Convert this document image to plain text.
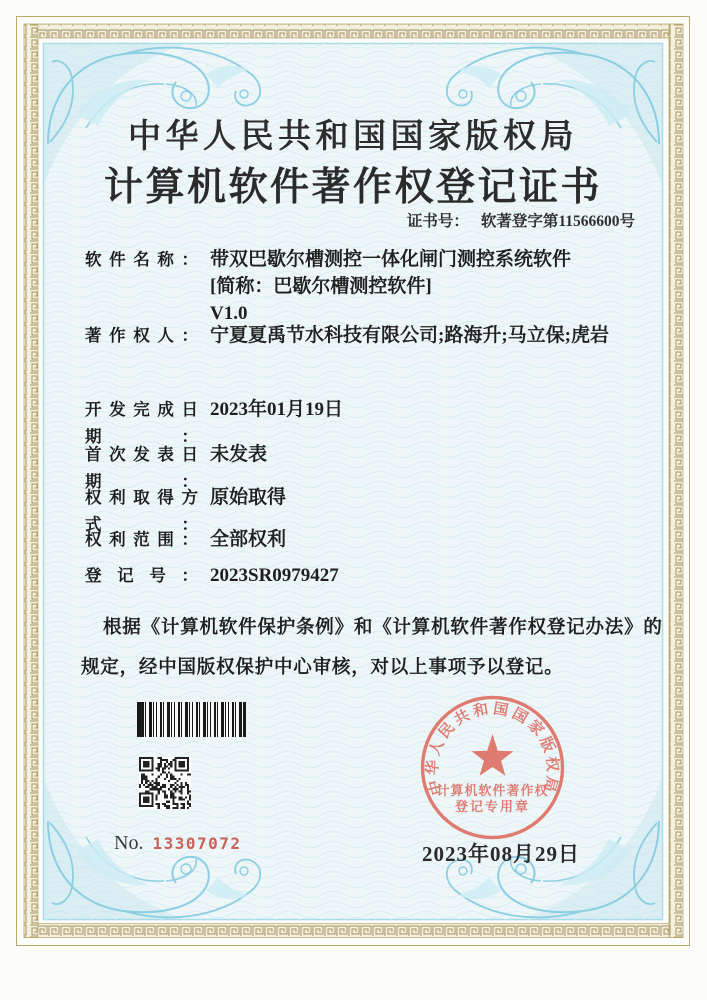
中华人民共和国国家版权局
计算机软件著作权登记证书
证书号： 软著登字第11566600号
软件名称： 带双巴歇尔槽测控一体化闸门测控系统软件
[简称：巴歇尔槽测控软件]
V1.0
著作权人： 宁夏夏禹节水科技有限公司;路海升;马立保;虎岩
开发完成日期：
2023年01月19日
首次发表日期：
未发表
权利取得方式：
原始取得
权利范围： 全部权利
登记号： 2023SR0979427
根据《计算机软件保护条例》和《计算机软件著作权登记办法》的
规定，经中国版权保护中心审核，对以上事项予以登记。
No. 13307072	2023年08月29日
中华人民共和国国家版权局
计算机软件著作权
登记专用章
